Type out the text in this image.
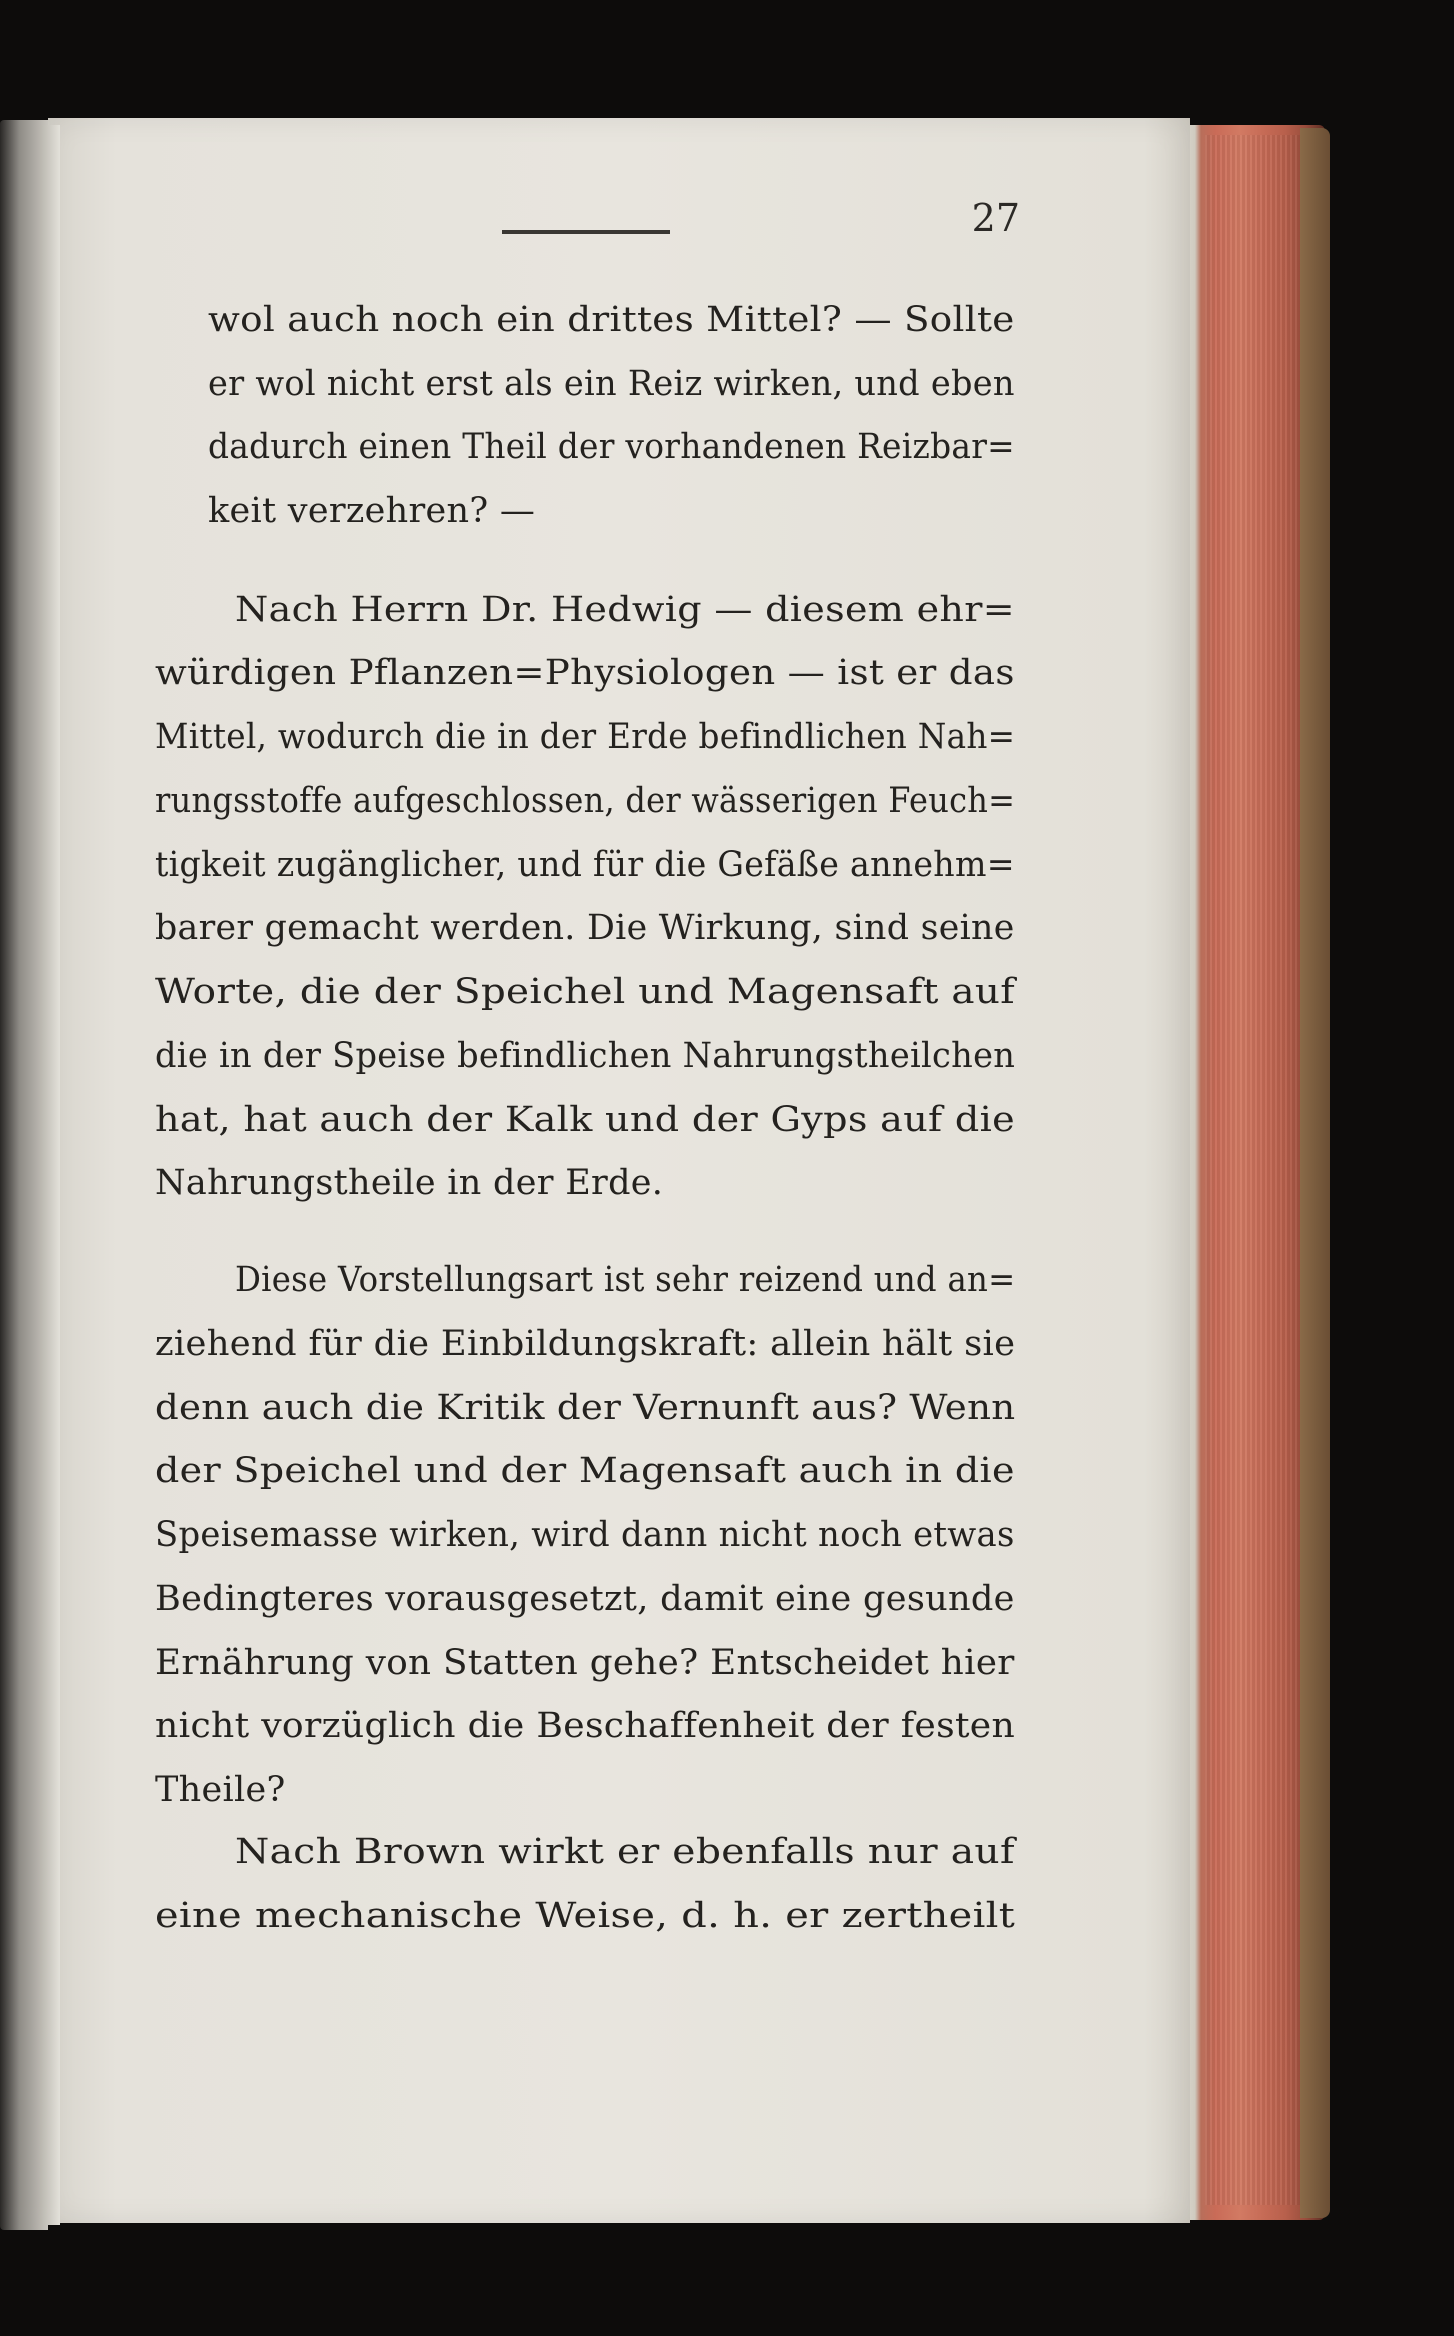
27
wol auch noch ein drittes Mittel? — Sollte
er wol nicht erst als ein Reiz wirken, und eben
dadurch einen Theil der vorhandenen Reizbar=
keit verzehren? —
Nach Herrn Dr. Hedwig — diesem ehr=
würdigen Pflanzen=Physiologen — ist er das
Mittel, wodurch die in der Erde befindlichen Nah=
rungsstoffe aufgeschlossen, der wässerigen Feuch=
tigkeit zugänglicher, und für die Gefäße annehm=
barer gemacht werden. Die Wirkung, sind seine
Worte, die der Speichel und Magensaft auf
die in der Speise befindlichen Nahrungstheilchen
hat, hat auch der Kalk und der Gyps auf die
Nahrungstheile in der Erde.
Diese Vorstellungsart ist sehr reizend und an=
ziehend für die Einbildungskraft: allein hält sie
denn auch die Kritik der Vernunft aus? Wenn
der Speichel und der Magensaft auch in die
Speisemasse wirken, wird dann nicht noch etwas
Bedingteres vorausgesetzt, damit eine gesunde
Ernährung von Statten gehe? Entscheidet hier
nicht vorzüglich die Beschaffenheit der festen
Theile?
Nach Brown wirkt er ebenfalls nur auf
eine mechanische Weise, d. h. er zertheilt
